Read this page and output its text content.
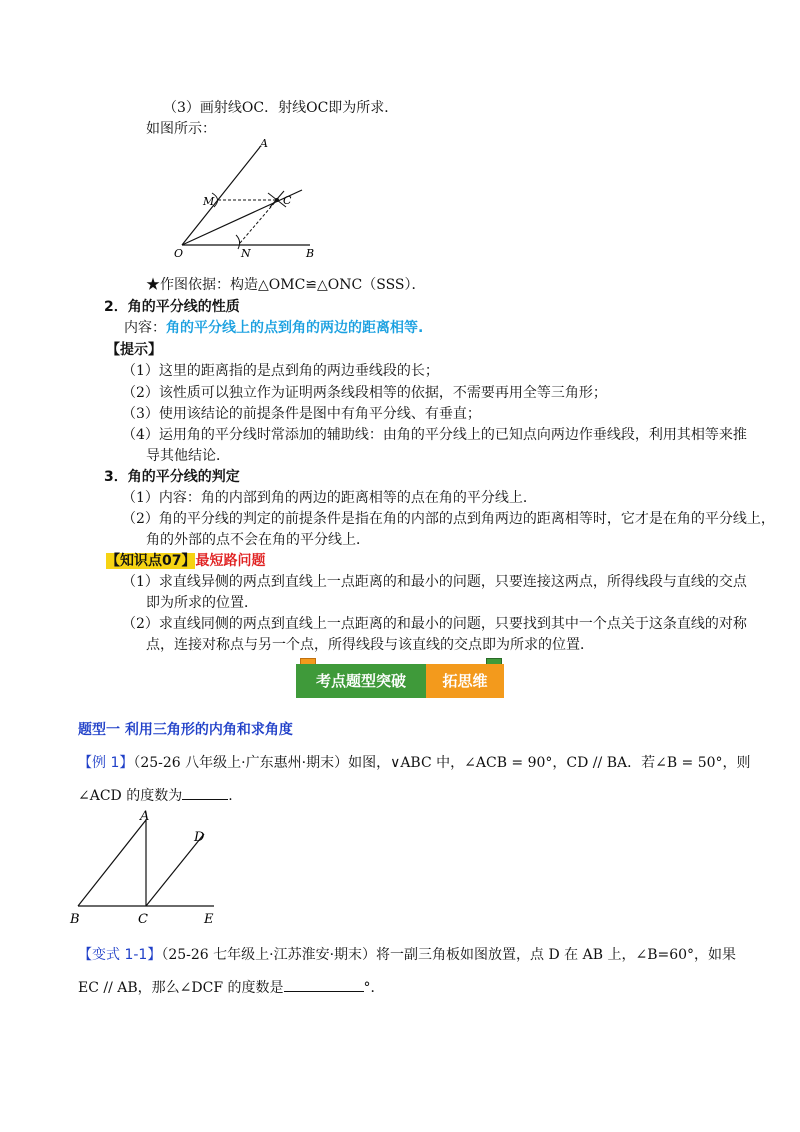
（3）画射线OC．射线OC即为所求．
如图所示：
A
M	C
O	N	B
★作图依据：构造△OMC≌△ONC（SSS）．
2．角的平分线的性质
内容：角的平分线上的点到角的两边的距离相等.
【提示】
（1）这里的距离指的是点到角的两边垂线段的长；
（2）该性质可以独立作为证明两条线段相等的依据，不需要再用全等三角形；
（3）使用该结论的前提条件是图中有角平分线、有垂直；
（4）运用角的平分线时常添加的辅助线：由角的平分线上的已知点向两边作垂线段，利用其相等来推
导其他结论．
3．角的平分线的判定
（1）内容：角的内部到角的两边的距离相等的点在角的平分线上．
（2）角的平分线的判定的前提条件是指在角的内部的点到角两边的距离相等时，它才是在角的平分线上，
角的外部的点不会在角的平分线上．
【知识点07】最短路问题
（1）求直线异侧的两点到直线上一点距离的和最小的问题，只要连接这两点，所得线段与直线的交点
即为所求的位置．
（2）求直线同侧的两点到直线上一点距离的和最小的问题，只要找到其中一个点关于这条直线的对称
点，连接对称点与另一个点，所得线段与该直线的交点即为所求的位置．
考点题型突破	拓思维
题型一 利用三角形的内角和求角度
【例 1】（25-26 八年级上·广东惠州·期末）如图，∨ABC 中，∠ACB = 90°，CD // BA．若∠B = 50°，则
∠ACD 的度数为	.
A
D
B	C	E
【变式 1-1】（25-26 七年级上·江苏淮安·期末）将一副三角板如图放置，点 D 在 AB 上，∠B=60°，如果
EC // AB，那么∠DCF 的度数是	°．
